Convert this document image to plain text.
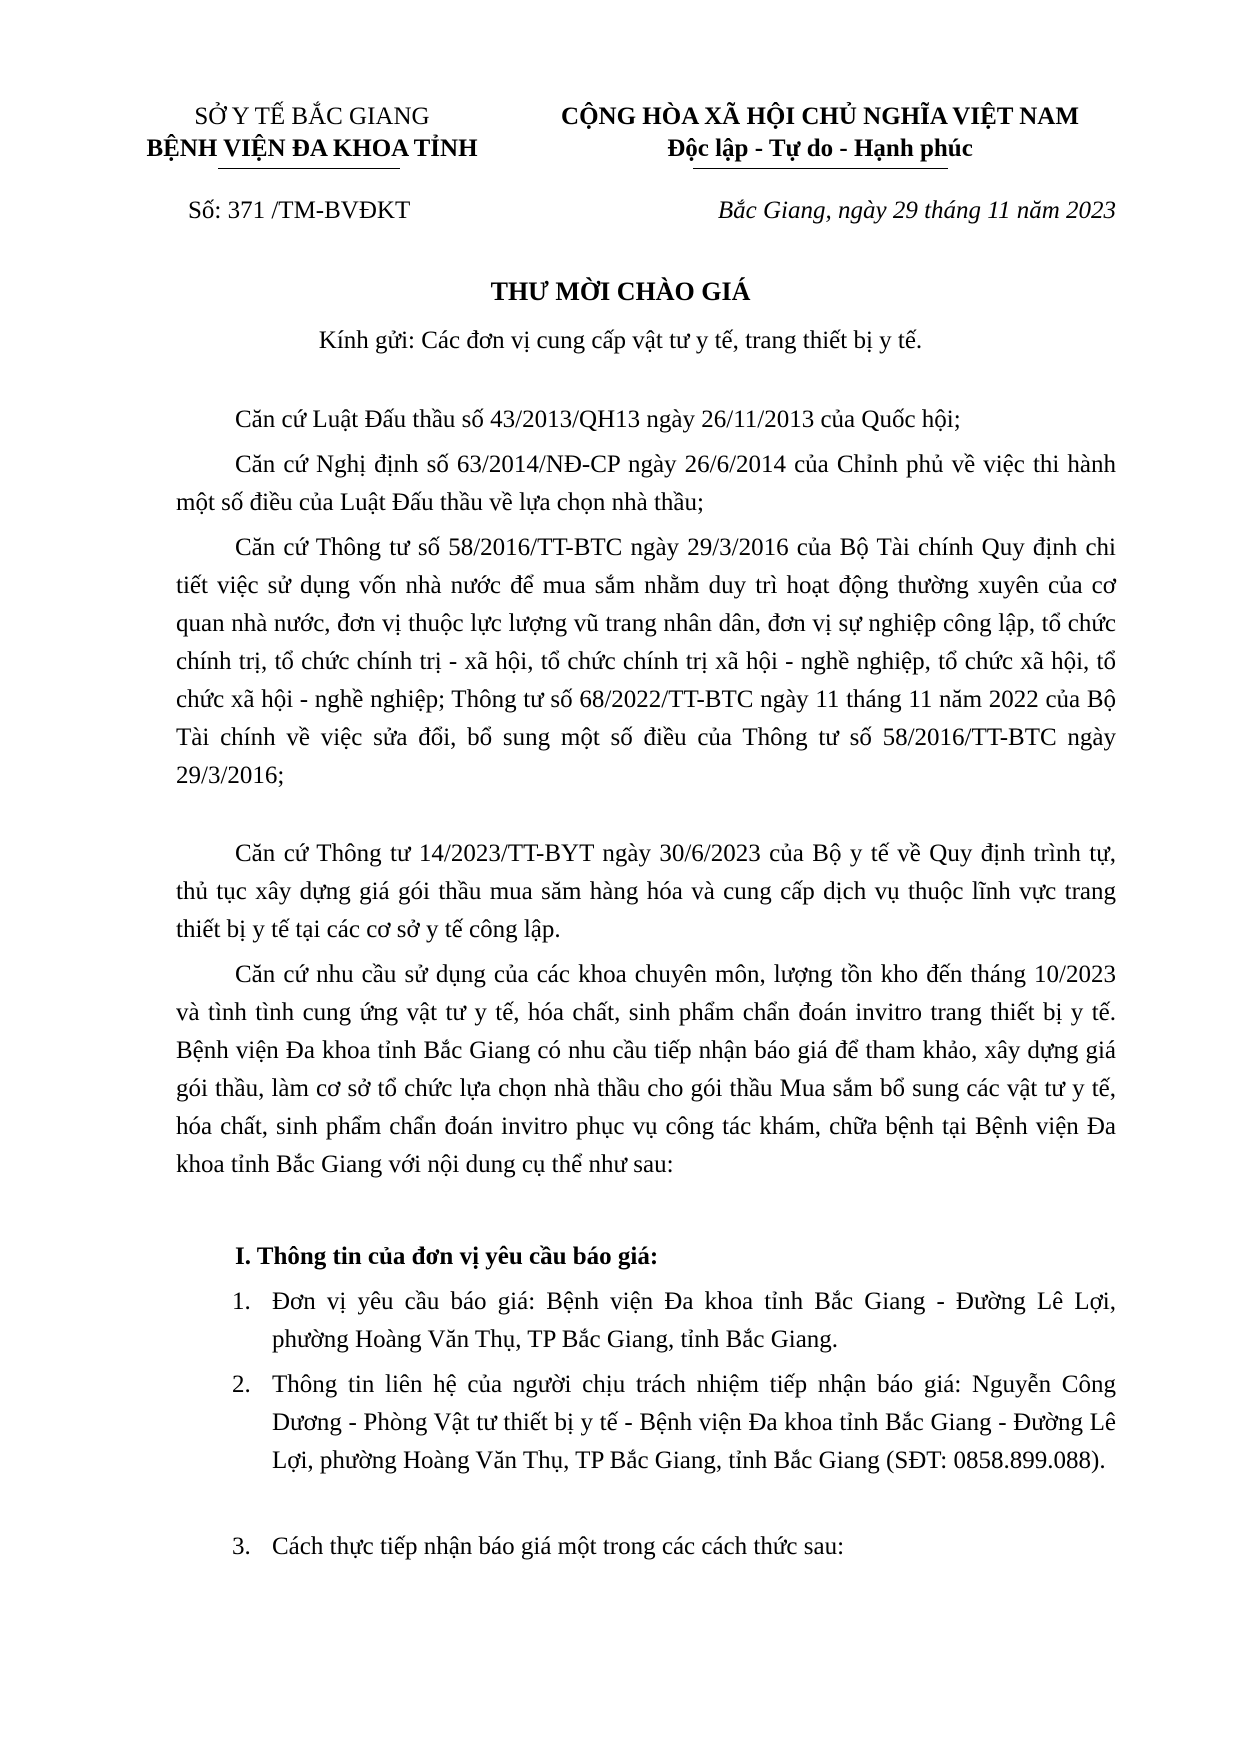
SỞ Y TẾ BẮC GIANG
BỆNH VIỆN ĐA KHOA TỈNH
CỘNG HÒA XÃ HỘI CHỦ NGHĨA VIỆT NAM
Độc lập - Tự do - Hạnh phúc
Số: 371 /TM-BVĐKT	Bắc Giang, ngày 29 tháng 11 năm 2023
THƯ MỜI CHÀO GIÁ
Kính gửi: Các đơn vị cung cấp vật tư y tế, trang thiết bị y tế.

Căn cứ Luật Đấu thầu số 43/2013/QH13 ngày 26/11/2013 của Quốc hội;

Căn cứ Nghị định số 63/2014/NĐ-CP ngày 26/6/2014 của Chỉnh phủ về việc thi hành một số điều của Luật Đấu thầu về lựa chọn nhà thầu;

Căn cứ Thông tư số 58/2016/TT-BTC ngày 29/3/2016 của Bộ Tài chính Quy định chi tiết việc sử dụng vốn nhà nước để mua sắm nhằm duy trì hoạt động thường xuyên của cơ quan nhà nước, đơn vị thuộc lực lượng vũ trang nhân dân, đơn vị sự nghiệp công lập, tổ chức chính trị, tổ chức chính trị - xã hội, tổ chức chính trị xã hội - nghề nghiệp, tổ chức xã hội, tổ chức xã hội - nghề nghiệp; Thông tư số 68/2022/TT-BTC ngày 11 tháng 11 năm 2022 của Bộ Tài chính về việc sửa đổi, bổ sung một số điều của Thông tư số 58/2016/TT-BTC ngày 29/3/2016;

Căn cứ Thông tư 14/2023/TT-BYT ngày 30/6/2023 của Bộ y tế về Quy định trình tự, thủ tục xây dựng giá gói thầu mua săm hàng hóa và cung cấp dịch vụ thuộc lĩnh vực trang thiết bị y tế tại các cơ sở y tế công lập.

Căn cứ nhu cầu sử dụng của các khoa chuyên môn, lượng tồn kho đến tháng 10/2023 và tình tình cung ứng vật tư y tế, hóa chất, sinh phẩm chẩn đoán invitro trang thiết bị y tế. Bệnh viện Đa khoa tỉnh Bắc Giang có nhu cầu tiếp nhận báo giá để tham khảo, xây dựng giá gói thầu, làm cơ sở tổ chức lựa chọn nhà thầu cho gói thầu Mua sắm bổ sung các vật tư y tế, hóa chất, sinh phẩm chẩn đoán invitro phục vụ công tác khám, chữa bệnh tại Bệnh viện Đa khoa tỉnh Bắc Giang với nội dung cụ thể như sau:

I. Thông tin của đơn vị yêu cầu báo giá:
1. Đơn vị yêu cầu báo giá: Bệnh viện Đa khoa tỉnh Bắc Giang - Đường Lê Lợi, phường Hoàng Văn Thụ, TP Bắc Giang, tỉnh Bắc Giang.
2. Thông tin liên hệ của người chịu trách nhiệm tiếp nhận báo giá: Nguyễn Công Dương - Phòng Vật tư thiết bị y tế - Bệnh viện Đa khoa tỉnh Bắc Giang - Đường Lê Lợi, phường Hoàng Văn Thụ, TP Bắc Giang, tỉnh Bắc Giang (SĐT: 0858.899.088).
3. Cách thực tiếp nhận báo giá một trong các cách thức sau:
